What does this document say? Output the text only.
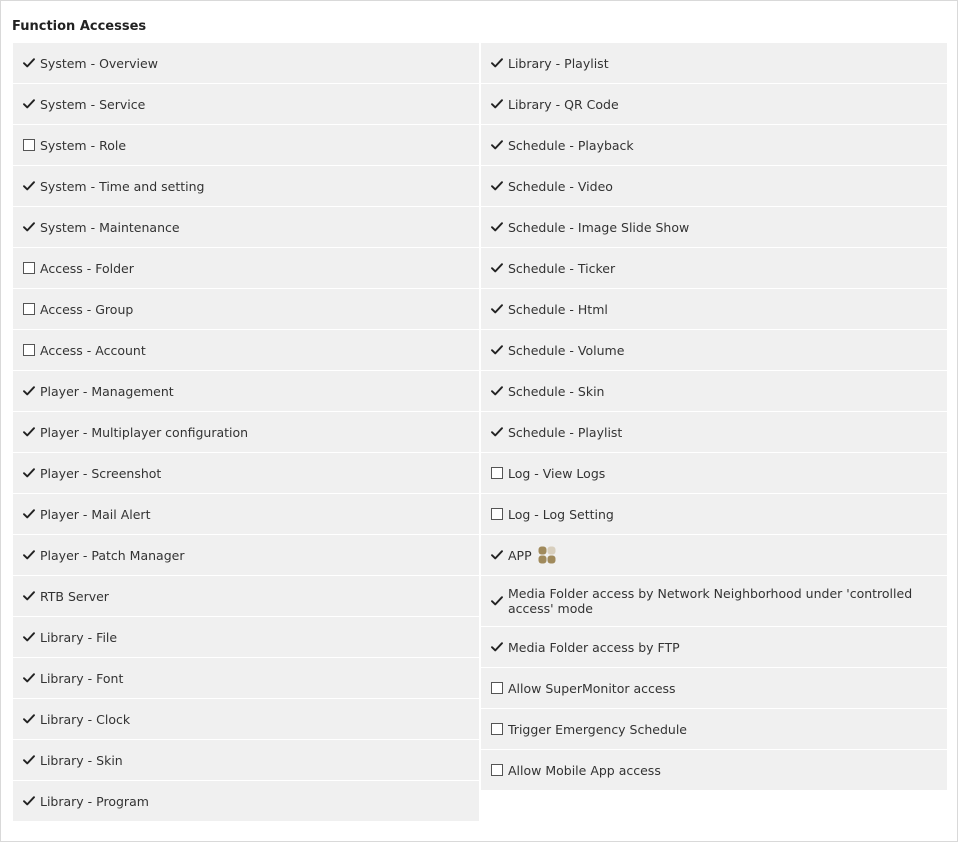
Function Accesses
System - Overview
System - Service
System - Role
System - Time and setting
System - Maintenance
Access - Folder
Access - Group
Access - Account
Player - Management
Player - Multiplayer configuration
Player - Screenshot
Player - Mail Alert
Player - Patch Manager
RTB Server
Library - File
Library - Font
Library - Clock
Library - Skin
Library - Program
Library - Playlist
Library - QR Code
Schedule - Playback
Schedule - Video
Schedule - Image Slide Show
Schedule - Ticker
Schedule - Html
Schedule - Volume
Schedule - Skin
Schedule - Playlist
Log - View Logs
Log - Log Setting
APP
Media Folder access by Network Neighborhood under 'controlled access' mode
Media Folder access by FTP
Allow SuperMonitor access
Trigger Emergency Schedule
Allow Mobile App access
